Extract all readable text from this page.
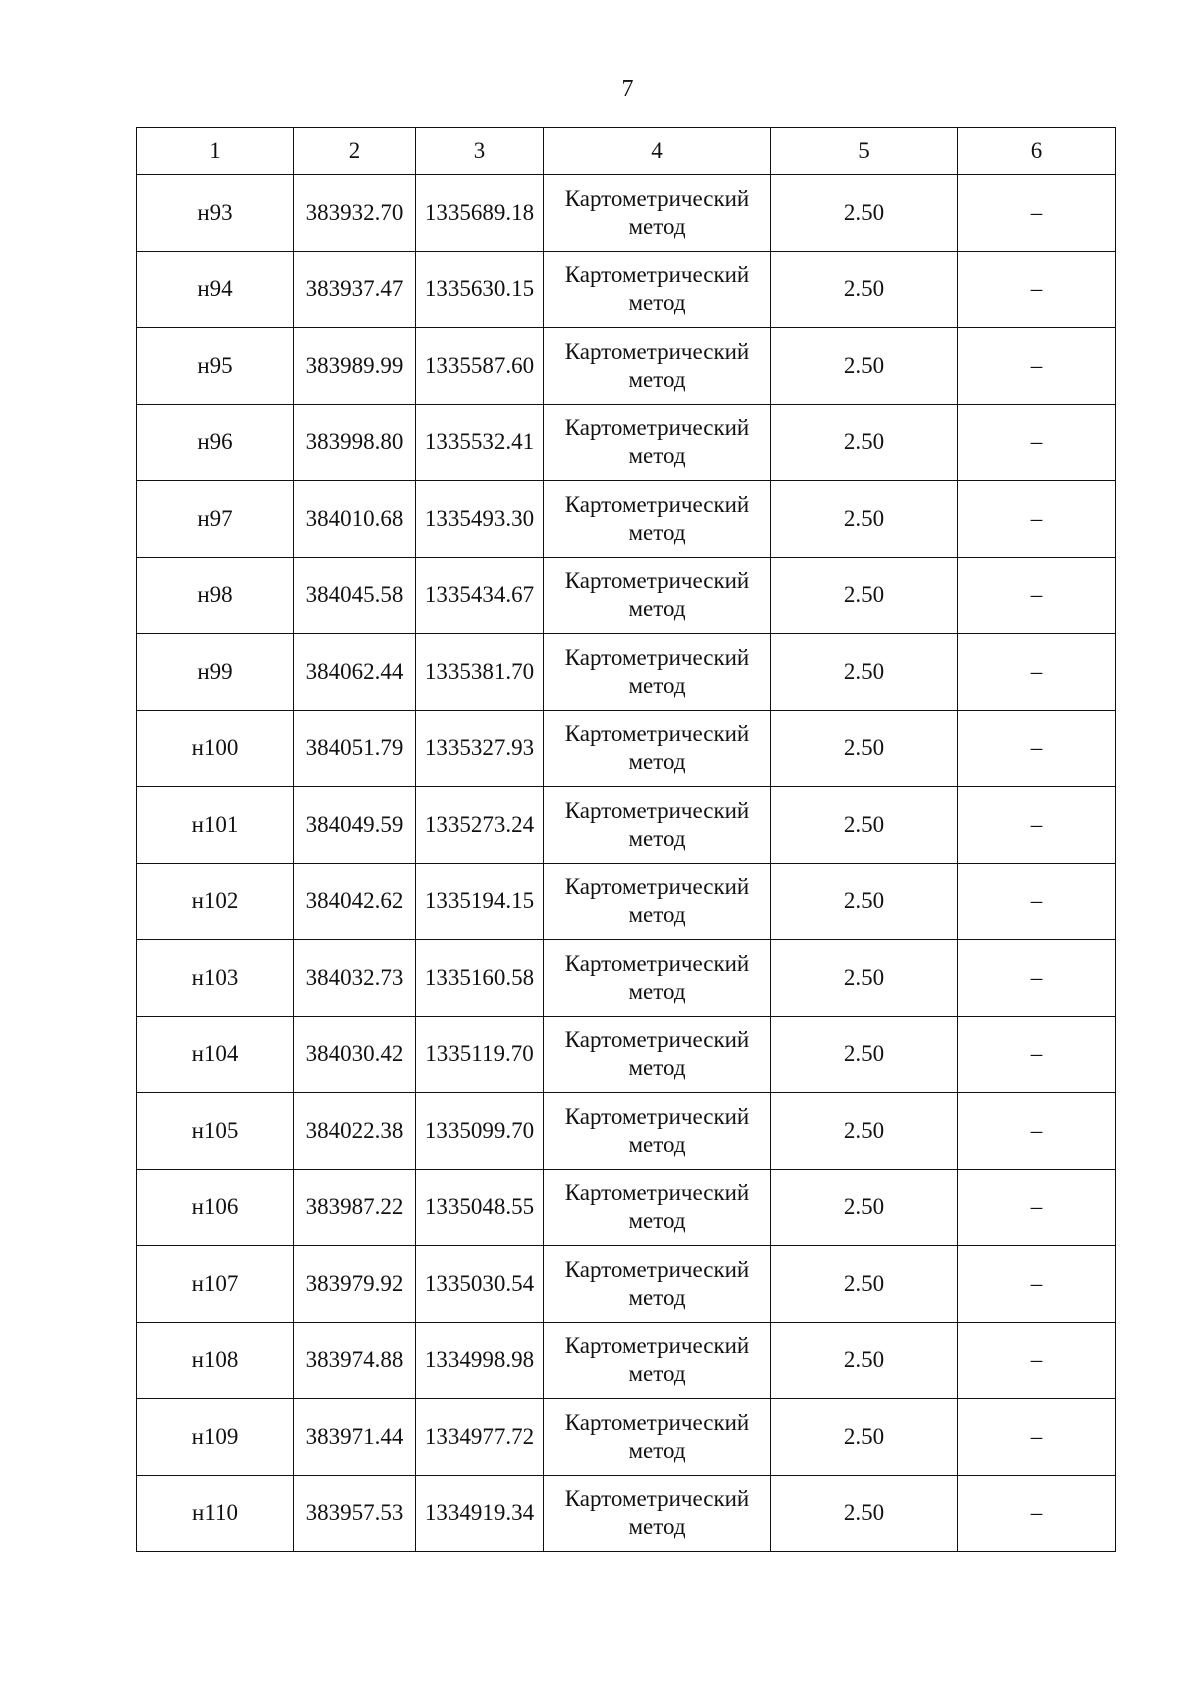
7
1	2	3	4	5	6
н93	383932.70	1335689.18	Картометрический метод	2.50	–
н94	383937.47	1335630.15	Картометрический метод	2.50	–
н95	383989.99	1335587.60	Картометрический метод	2.50	–
н96	383998.80	1335532.41	Картометрический метод	2.50	–
н97	384010.68	1335493.30	Картометрический метод	2.50	–
н98	384045.58	1335434.67	Картометрический метод	2.50	–
н99	384062.44	1335381.70	Картометрический метод	2.50	–
н100	384051.79	1335327.93	Картометрический метод	2.50	–
н101	384049.59	1335273.24	Картометрический метод	2.50	–
н102	384042.62	1335194.15	Картометрический метод	2.50	–
н103	384032.73	1335160.58	Картометрический метод	2.50	–
н104	384030.42	1335119.70	Картометрический метод	2.50	–
н105	384022.38	1335099.70	Картометрический метод	2.50	–
н106	383987.22	1335048.55	Картометрический метод	2.50	–
н107	383979.92	1335030.54	Картометрический метод	2.50	–
н108	383974.88	1334998.98	Картометрический метод	2.50	–
н109	383971.44	1334977.72	Картометрический метод	2.50	–
н110	383957.53	1334919.34	Картометрический метод	2.50	–
